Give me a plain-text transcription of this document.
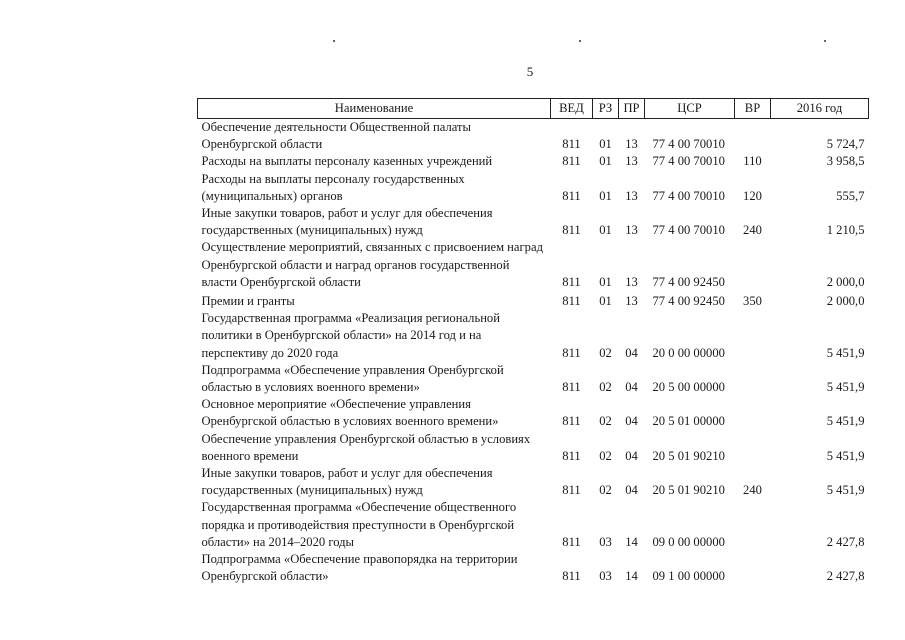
5
Наименование	ВЕД	РЗ	ПР	ЦСР	ВР	2016 год
Обеспечение деятельности Общественной палаты Оренбургской области	811	01	13	77 4 00 70010		5 724,7
Расходы на выплаты персоналу казенных учреждений	811	01	13	77 4 00 70010	110	3 958,5
Расходы на выплаты персоналу государственных (муниципальных) органов	811	01	13	77 4 00 70010	120	555,7
Иные закупки товаров, работ и услуг для обеспечения государственных (муниципальных) нужд	811	01	13	77 4 00 70010	240	1 210,5
Осуществление мероприятий, связанных с присвоением наград Оренбургской области и наград органов государственной власти Оренбургской области	811	01	13	77 4 00 92450		2 000,0
Премии и гранты	811	01	13	77 4 00 92450	350	2 000,0
Государственная программа «Реализация региональной политики в Оренбургской области» на 2014 год и на перспективу до 2020 года	811	02	04	20 0 00 00000		5 451,9
Подпрограмма «Обеспечение управления Оренбургской областью в условиях военного времени»	811	02	04	20 5 00 00000		5 451,9
Основное мероприятие «Обеспечение управления Оренбургской областью в условиях военного времени»	811	02	04	20 5 01 00000		5 451,9
Обеспечение управления Оренбургской областью в условиях военного времени	811	02	04	20 5 01 90210		5 451,9
Иные закупки товаров, работ и услуг для обеспечения государственных (муниципальных) нужд	811	02	04	20 5 01 90210	240	5 451,9
Государственная программа «Обеспечение общественного порядка и противодействия преступности в Оренбургской области» на 2014–2020 годы	811	03	14	09 0 00 00000		2 427,8
Подпрограмма «Обеспечение правопорядка на территории Оренбургской области»	811	03	14	09 1 00 00000		2 427,8
